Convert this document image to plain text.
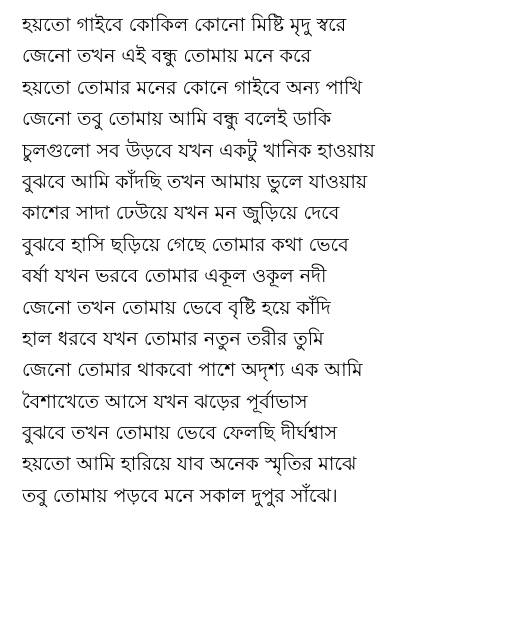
হয়তো গাইবে কোকিল কোনো মিষ্টি মৃদু স্বরে
জেনো তখন এই বন্ধু তোমায় মনে করে
হয়তো তোমার মনের কোনে গাইবে অন্য পাখি
জেনো তবু তোমায় আমি বন্ধু বলেই ডাকি
চুলগুলো সব উড়বে যখন একটু খানিক হাওয়ায়
বুঝবে আমি কাঁদছি তখন আমায় ভুলে যাওয়ায়
কাশের সাদা ঢেউয়ে যখন মন জুড়িয়ে দেবে
বুঝবে হাসি ছড়িয়ে গেছে তোমার কথা ভেবে
বর্ষা যখন ভরবে তোমার একূল ওকূল নদী
জেনো তখন তোমায় ভেবে বৃষ্টি হয়ে কাঁদি
হাল ধরবে যখন তোমার নতুন তরীর তুমি
জেনো তোমার থাকবো পাশে অদৃশ্য এক আমি
বৈশাখেতে আসে যখন ঝড়ের পূর্বাভাস
বুঝবে তখন তোমায় ভেবে ফেলছি দীর্ঘশ্বাস
হয়তো আমি হারিয়ে যাব অনেক স্মৃতির মাঝে
তবু তোমায় পড়বে মনে সকাল দুপুর সাঁঝে।
